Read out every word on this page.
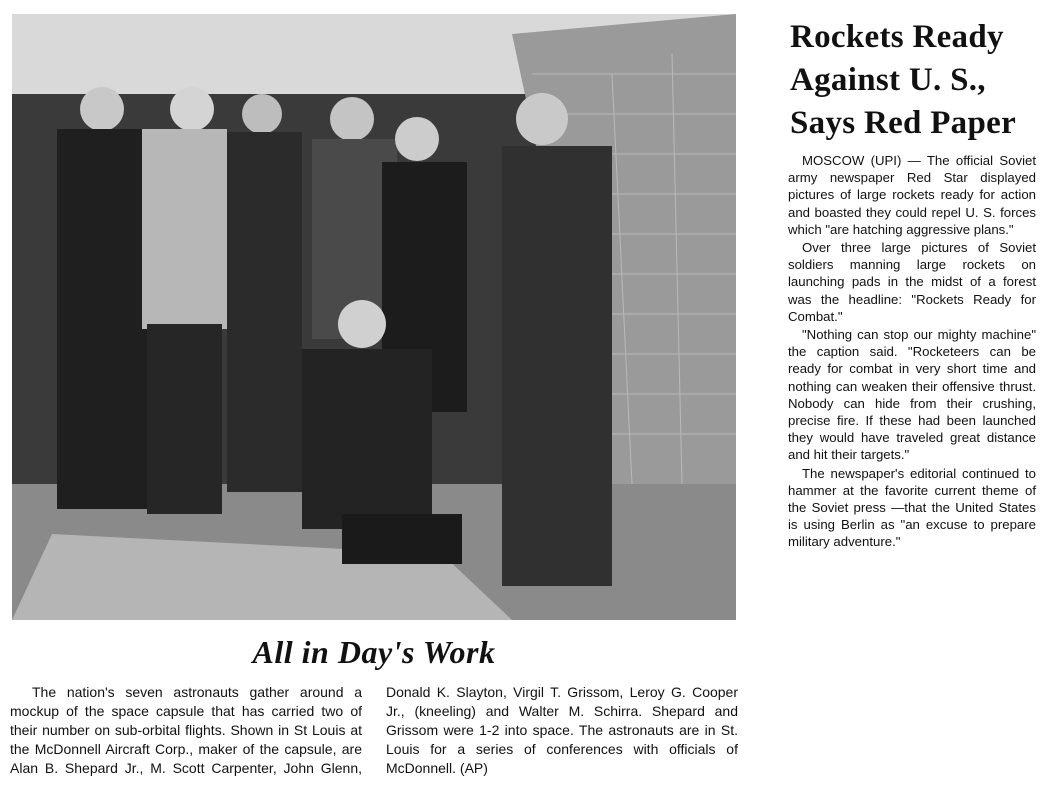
All in Day's Work

The nation's seven astronauts gather around a mockup of the space capsule that has carried two of their number on sub-orbital flights. Shown in St Louis at the McDonnell Aircraft Corp., maker of the capsule, are Alan B. Shepard Jr., M. Scott Carpenter, John Glenn, Donald K. Slayton, Virgil T. Grissom, Leroy G. Cooper Jr., (kneeling) and Walter M. Schirra. Shepard and Grissom were 1-2 into space. The astronauts are in St. Louis for a series of conferences with officials of McDonnell. (AP)

Rockets Ready Against U. S., Says Red Paper

MOSCOW (UPI) — The official Soviet army newspaper Red Star displayed pictures of large rockets ready for action and boasted they could repel U. S. forces which "are hatching aggressive plans."

Over three large pictures of Soviet soldiers manning large rockets on launching pads in the midst of a forest was the headline: "Rockets Ready for Combat."

"Nothing can stop our mighty machine" the caption said. "Rocketeers can be ready for combat in very short time and nothing can weaken their offensive thrust. Nobody can hide from their crushing, precise fire. If these had been launched they would have traveled great distance and hit their targets."

The newspaper's editorial continued to hammer at the favorite current theme of the Soviet press —that the United States is using Berlin as "an excuse to prepare military adventure."
